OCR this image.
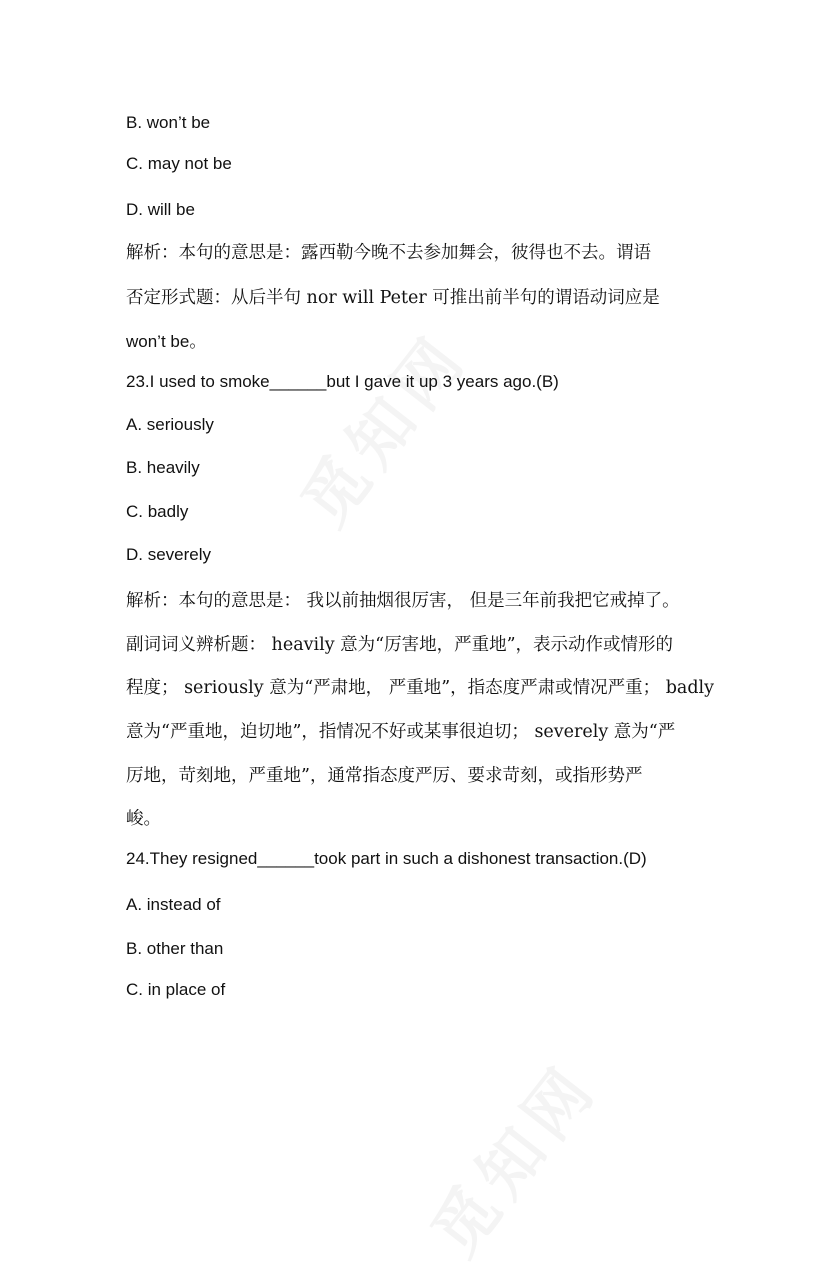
B. won’t be
C. may not be
D. will be
解析：本句的意思是：露西勒今晚不去参加舞会，彼得也不去。谓语
否定形式题：从后半句 nor will Peter 可推出前半句的谓语动词应是
won’t be。
23.I used to smoke______but I gave it up 3 years ago.(B)
A. seriously
B. heavily
C. badly
D. severely
解析：本句的意思是： 我以前抽烟很厉害， 但是三年前我把它戒掉了。
副词词义辨析题： heavily 意为“厉害地，严重地”，表示动作或情形的
程度； seriously 意为“严肃地， 严重地”，指态度严肃或情况严重； badly
意为“严重地，迫切地”，指情况不好或某事很迫切； severely 意为“严
厉地，苛刻地，严重地”，通常指态度严厉、要求苛刻，或指形势严
峻。
24.They resigned______took part in such a dishonest transaction.(D)
A. instead of
B. other than
C. in place of
